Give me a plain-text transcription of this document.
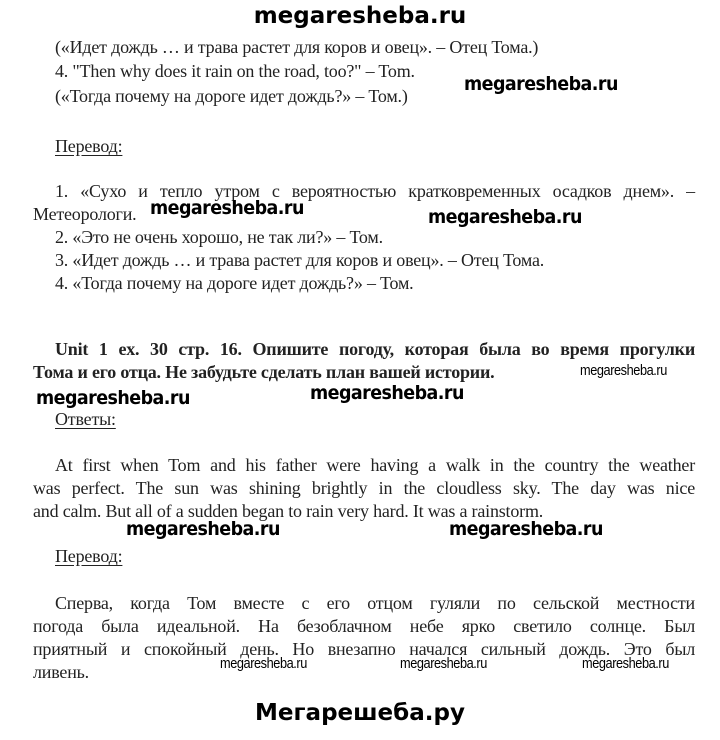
megaresheba.ru
(«Идет дождь … и трава растет для коров и овец». – Отец Тома.)
4. "Then why does it rain on the road, too?" – Tom.
(«Тогда почему на дороге идет дождь?» – Том.)
megaresheba.ru
Перевод:
1. «Сухо и тепло утром с вероятностью кратковременных осадков днем». –
Метеорологи. megaresheba.ru	megaresheba.ru
2. «Это не очень хорошо, не так ли?» – Том.
3. «Идет дождь … и трава растет для коров и овец». – Отец Тома.
4. «Тогда почему на дороге идет дождь?» – Том.
Unit 1 ex. 30 стр. 16. Опишите погоду, которая была во время прогулки
Тома и его отца. Не забудьте сделать план вашей истории.	megaresheba.ru
megaresheba.ru	megaresheba.ru
Ответы:
At first when Tom and his father were having a walk in the country the weather
was perfect. The sun was shining brightly in the cloudless sky. The day was nice
and calm. But all of a sudden began to rain very hard. It was a rainstorm.
megaresheba.ru	megaresheba.ru
Перевод:
Сперва, когда Том вместе с его отцом гуляли по сельской местности
погода была идеальной. На безоблачном небе ярко светило солнце. Был
приятный и спокойный день. Но внезапно начался сильный дождь. Это был
ливень.	megaresheba.ru	megaresheba.ru	megaresheba.ru
Мегарешеба.ру
